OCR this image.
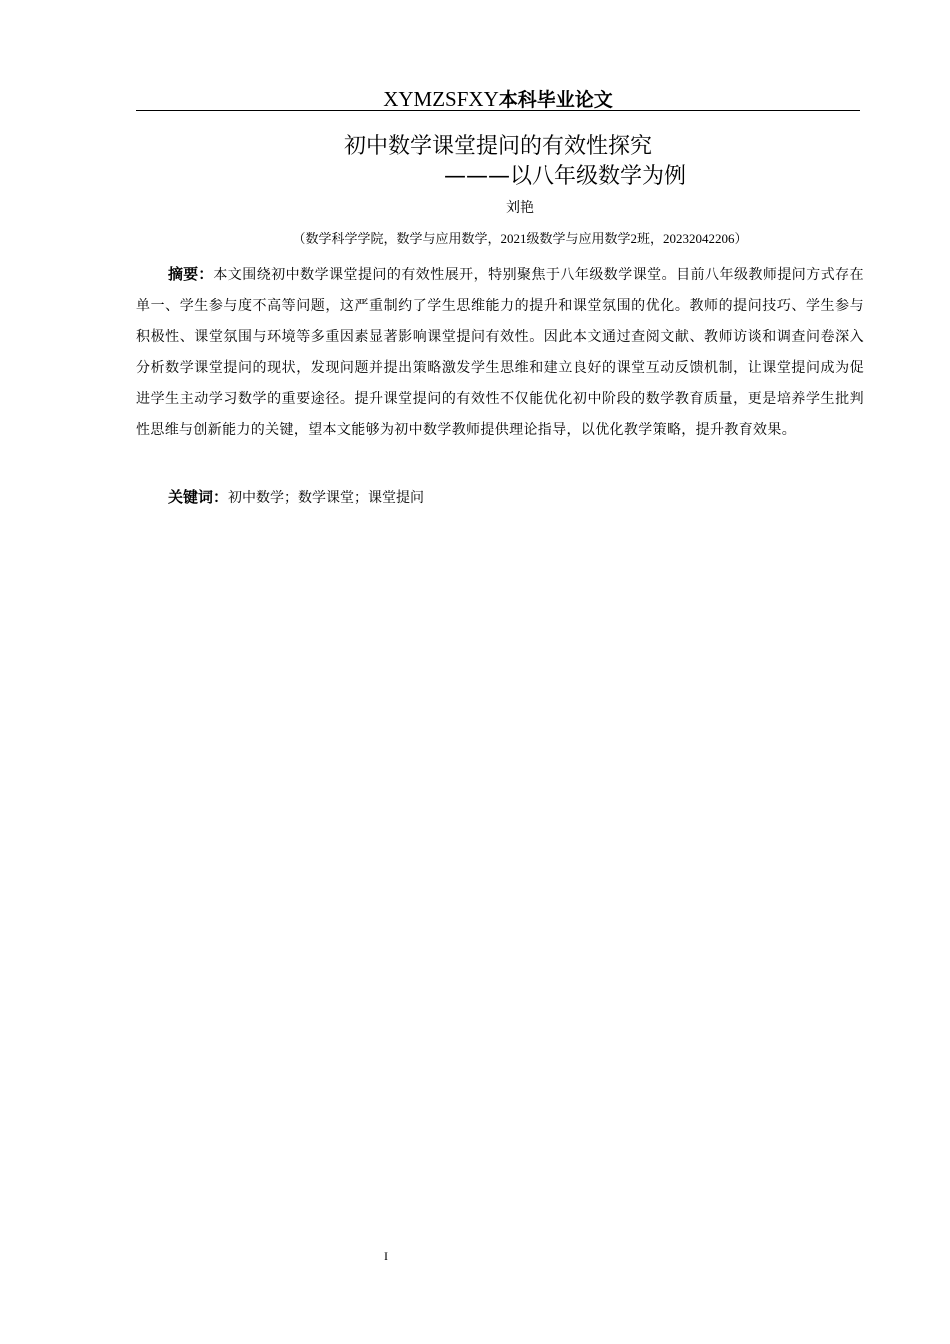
XYMZSFXY本科毕业论文
初中数学课堂提问的有效性探究
———以八年级数学为例
刘艳
（数学科学学院，数学与应用数学，2021级数学与应用数学2班，20232042206）

摘要：本文围绕初中数学课堂提问的有效性展开，特别聚焦于八年级数学课堂。目前八年级教师提问方式存在单一、学生参与度不高等问题，这严重制约了学生思维能力的提升和课堂氛围的优化。教师的提问技巧、学生参与积极性、课堂氛围与环境等多重因素显著影响课堂提问有效性。因此本文通过查阅文献、教师访谈和调查问卷深入分析数学课堂提问的现状，发现问题并提出策略激发学生思维和建立良好的课堂互动反馈机制，让课堂提问成为促进学生主动学习数学的重要途径。提升课堂提问的有效性不仅能优化初中阶段的数学教育质量，更是培养学生批判性思维与创新能力的关键，望本文能够为初中数学教师提供理论指导，以优化教学策略，提升教育效果。

关键词：初中数学；数学课堂；课堂提问

I
